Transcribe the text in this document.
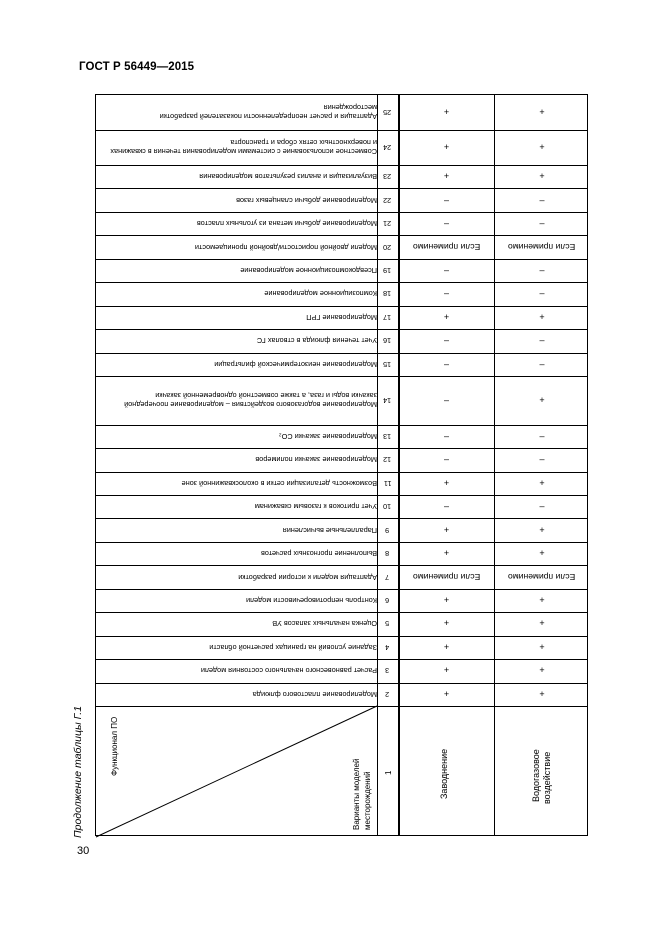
ГОСТ Р 56449—2015
Продолжение таблицы Г.1
Моделирование пластового флюида 2	+	+
Расчет равновесного начального состояния модели 3	+	+
Задание условий на границах расчетной области 4	+	+
Оценка начальных запасов УВ 5	+	+
Контроль непротиворечивости модели 6	+	+
Адаптация модели к истории разработки 7	Если применимо	Если применимо
Выполнение прогнозных расчетов 8	+	+
Параллельные вычисления 9	+	+
Учет притоков к газовым скважинам 10	–	–
Возможность детализации сетки в околоскважинной зоне 11	+	+
Моделирование закачки полимеров 12	–	–
Моделирование закачки CO₂ 13	–	–
Моделирование водогазового воздействия – моделирование поочередной закачки воды и газа, а также совместной одновременной закачки 14	–	+
Моделирование неизотермической фильтрации 15	–	–
Учет течения флюида в стволах ГС 16	–	–
Моделирование ГРП 17	+	+
Композиционное моделирование 18	–	–
Псевдокомпозиционное моделирование 19	–	–
Модели двойной пористости/двойной проницаемости 20 Если применимо	Если применимо
Моделирование добычи метана из угольных пластов 21	–	–
Моделирование добычи сланцевых газов 22	–	–
Визуализация и анализ результатов моделирования 23	+	+
Совместное использование с системами моделирования течения в скважинах и поверхностных сетях сбора и транспорта 24	+	+
Адаптация и расчет неопределенности показателей разработки месторождения 25	+	+
Функционал ПО
Варианты моделей месторождений 1	Заводнение	Водогазовое воздействие
30
